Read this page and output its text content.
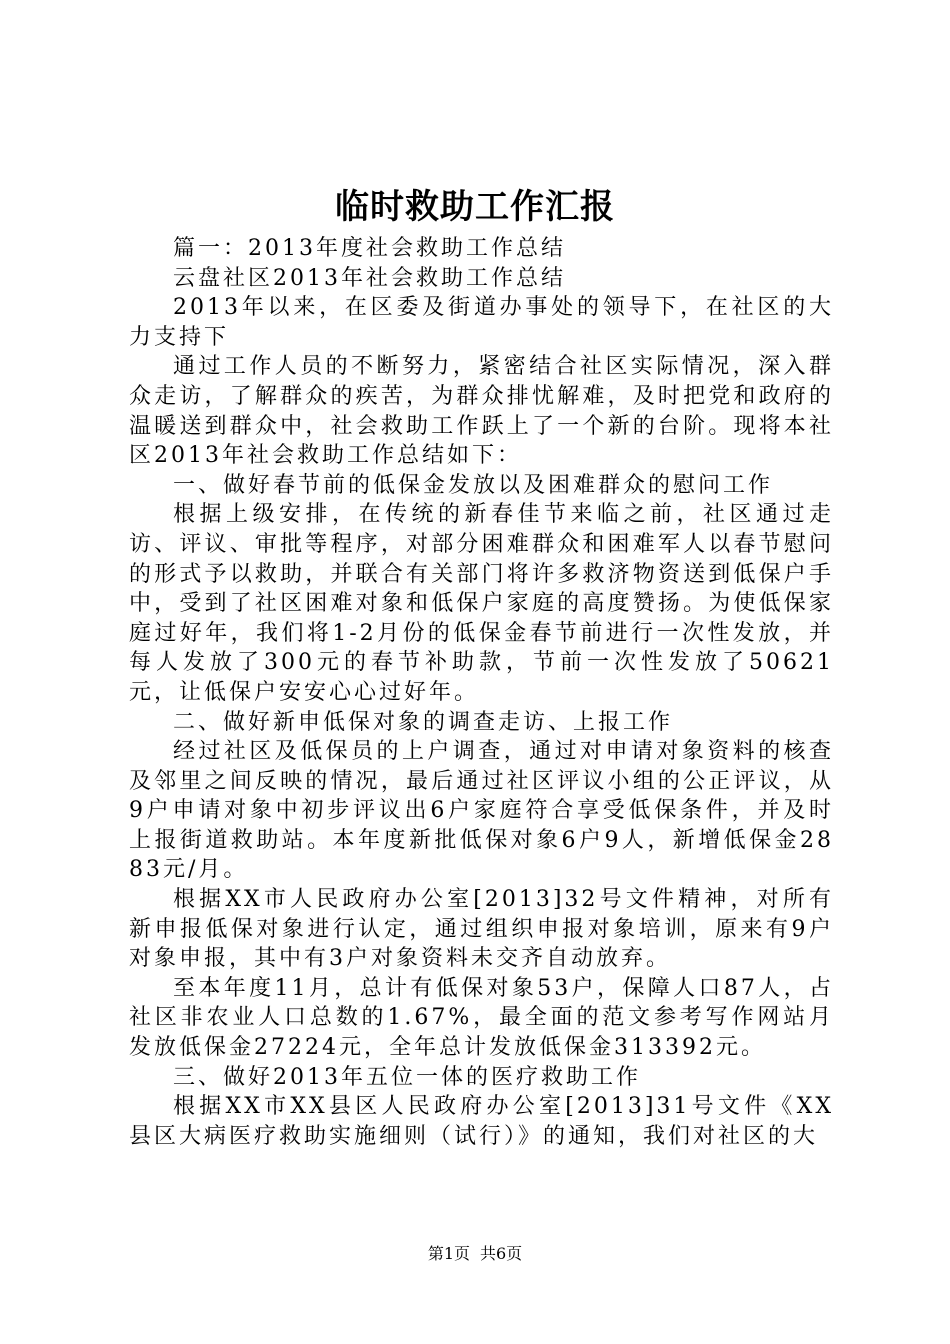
临时救助工作汇报

篇一：2013年度社会救助工作总结

云盘社区2013年社会救助工作总结

2013年以来，在区委及街道办事处的领导下，在社区的大力支持下

通过工作人员的不断努力，紧密结合社区实际情况，深入群众走访，了解群众的疾苦，为群众排忧解难，及时把党和政府的温暖送到群众中，社会救助工作跃上了一个新的台阶。现将本社区2013年社会救助工作总结如下：

一、做好春节前的低保金发放以及困难群众的慰问工作

根据上级安排，在传统的新春佳节来临之前，社区通过走访、评议、审批等程序，对部分困难群众和困难军人以春节慰问的形式予以救助，并联合有关部门将许多救济物资送到低保户手中，受到了社区困难对象和低保户家庭的高度赞扬。为使低保家庭过好年，我们将1-2月份的低保金春节前进行一次性发放，并每人发放了300元的春节补助款，节前一次性发放了50621元，让低保户安安心心过好年。

二、做好新申低保对象的调查走访、上报工作

经过社区及低保员的上户调查，通过对申请对象资料的核查及邻里之间反映的情况，最后通过社区评议小组的公正评议，从9户申请对象中初步评议出6户家庭符合享受低保条件，并及时上报街道救助站。本年度新批低保对象6户9人，新增低保金2883元/月。

根据XX市人民政府办公室[2013]32号文件精神，对所有新申报低保对象进行认定，通过组织申报对象培训，原来有9户对象申报，其中有3户对象资料未交齐自动放弃。

至本年度11月，总计有低保对象53户，保障人口87人，占社区非农业人口总数的1.67%，最全面的范文参考写作网站月发放低保金27224元，全年总计发放低保金313392元。

三、做好2013年五位一体的医疗救助工作

根据XX市XX县区人民政府办公室[2013]31号文件《XX县区大病医疗救助实施细则（试行）》的通知，我们对社区的大

第1页 共6页
